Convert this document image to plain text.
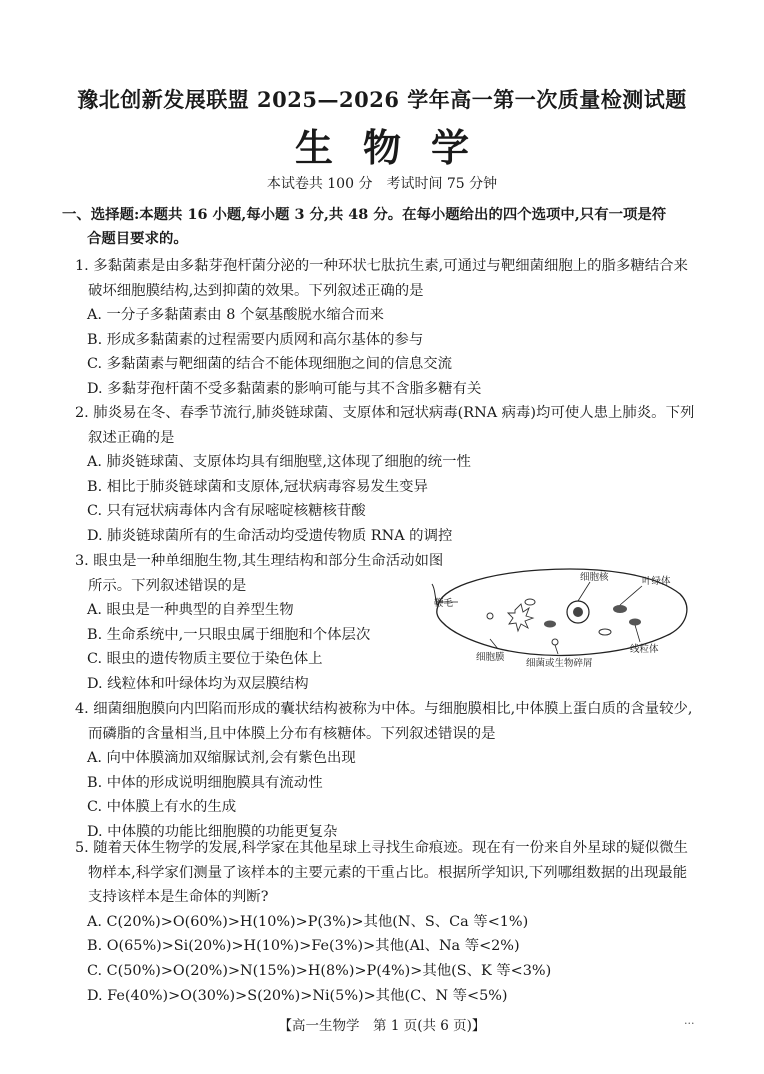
豫北创新发展联盟 2025—2026 学年高一第一次质量检测试题
生物学
本试卷共 100 分　考试时间 75 分钟
一、选择题:本题共 16 小题,每小题 3 分,共 48 分。在每小题给出的四个选项中,只有一项是符
合题目要求的。

1. 多黏菌素是由多黏芽孢杆菌分泌的一种环状七肽抗生素,可通过与靶细菌细胞上的脂多糖结合来破坏细胞膜结构,达到抑菌的效果。下列叙述正确的是

A. 一分子多黏菌素由 8 个氨基酸脱水缩合而来

B. 形成多黏菌素的过程需要内质网和高尔基体的参与

C. 多黏菌素与靶细菌的结合不能体现细胞之间的信息交流

D. 多黏芽孢杆菌不受多黏菌素的影响可能与其不含脂多糖有关

2. 肺炎易在冬、春季节流行,肺炎链球菌、支原体和冠状病毒(RNA 病毒)均可使人患上肺炎。下列叙述正确的是

A. 肺炎链球菌、支原体均具有细胞壁,这体现了细胞的统一性

B. 相比于肺炎链球菌和支原体,冠状病毒容易发生变异

C. 只有冠状病毒体内含有尿嘧啶核糖核苷酸

D. 肺炎链球菌所有的生命活动均受遗传物质 RNA 的调控

3. 眼虫是一种单细胞生物,其生理结构和部分生命活动如图所示。下列叙述错误的是

A. 眼虫是一种典型的自养型生物

B. 生命系统中,一只眼虫属于细胞和个体层次

C. 眼虫的遗传物质主要位于染色体上

D. 线粒体和叶绿体均为双层膜结构

鞭毛
细胞核	叶绿体
线粒体
细胞膜
细菌或生物碎屑

4. 细菌细胞膜向内凹陷而形成的囊状结构被称为中体。与细胞膜相比,中体膜上蛋白质的含量较少,而磷脂的含量相当,且中体膜上分布有核糖体。下列叙述错误的是

A. 向中体膜滴加双缩脲试剂,会有紫色出现

B. 中体的形成说明细胞膜具有流动性

C. 中体膜上有水的生成

D. 中体膜的功能比细胞膜的功能更复杂

5. 随着天体生物学的发展,科学家在其他星球上寻找生命痕迹。现在有一份来自外星球的疑似微生物样本,科学家们测量了该样本的主要元素的干重占比。根据所学知识,下列哪组数据的出现最能支持该样本是生命体的判断?

A. C(20%)>O(60%)>H(10%)>P(3%)>其他(N、S、Ca 等<1%)

B. O(65%)>Si(20%)>H(10%)>Fe(3%)>其他(Al、Na 等<2%)

C. C(50%)>O(20%)>N(15%)>H(8%)>P(4%)>其他(S、K 等<3%)

D. Fe(40%)>O(30%)>S(20%)>Ni(5%)>其他(C、N 等<5%)

【高一生物学　第 1 页(共 6 页)】	...
